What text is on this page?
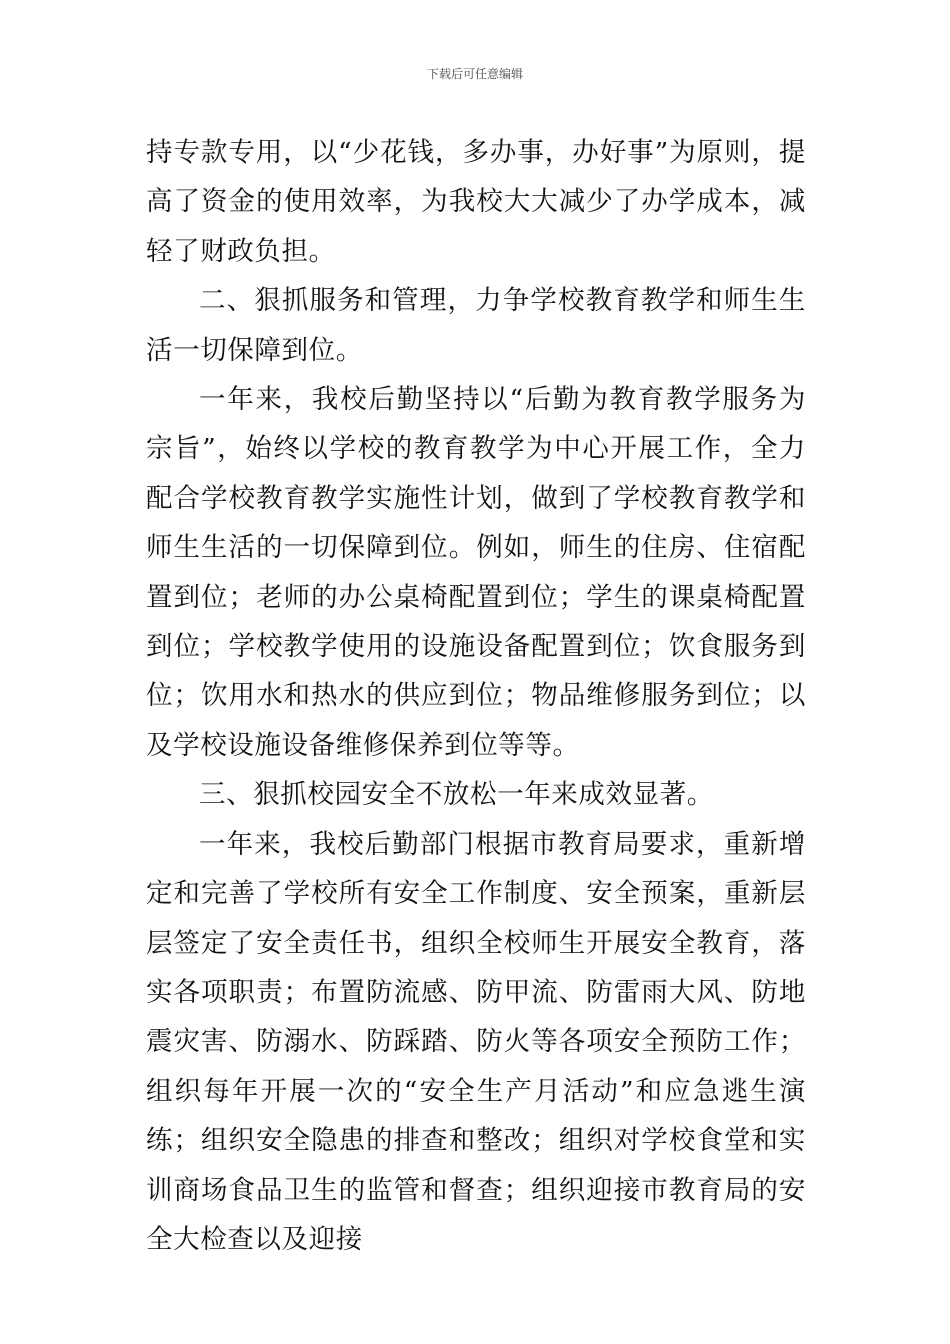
下载后可任意编辑

持专款专用，以“少花钱，多办事，办好事”为原则，提高了资金的使用效率，为我校大大减少了办学成本，减轻了财政负担。

二、狠抓服务和管理，力争学校教育教学和师生生活一切保障到位。

一年来，我校后勤坚持以“后勤为教育教学服务为宗旨”，始终以学校的教育教学为中心开展工作，全力配合学校教育教学实施性计划，做到了学校教育教学和师生生活的一切保障到位。例如，师生的住房、住宿配置到位；老师的办公桌椅配置到位；学生的课桌椅配置到位；学校教学使用的设施设备配置到位；饮食服务到位；饮用水和热水的供应到位；物品维修服务到位；以及学校设施设备维修保养到位等等。

三、狠抓校园安全不放松一年来成效显著。

一年来，我校后勤部门根据市教育局要求，重新增定和完善了学校所有安全工作制度、安全预案，重新层层签定了安全责任书，组织全校师生开展安全教育，落实各项职责；布置防流感、防甲流、防雷雨大风、防地震灾害、防溺水、防踩踏、防火等各项安全预防工作；组织每年开展一次的“安全生产月活动”和应急逃生演练；组织安全隐患的排查和整改；组织对学校食堂和实训商场食品卫生的监管和督查；组织迎接市教育局的安全大检查以及迎接
